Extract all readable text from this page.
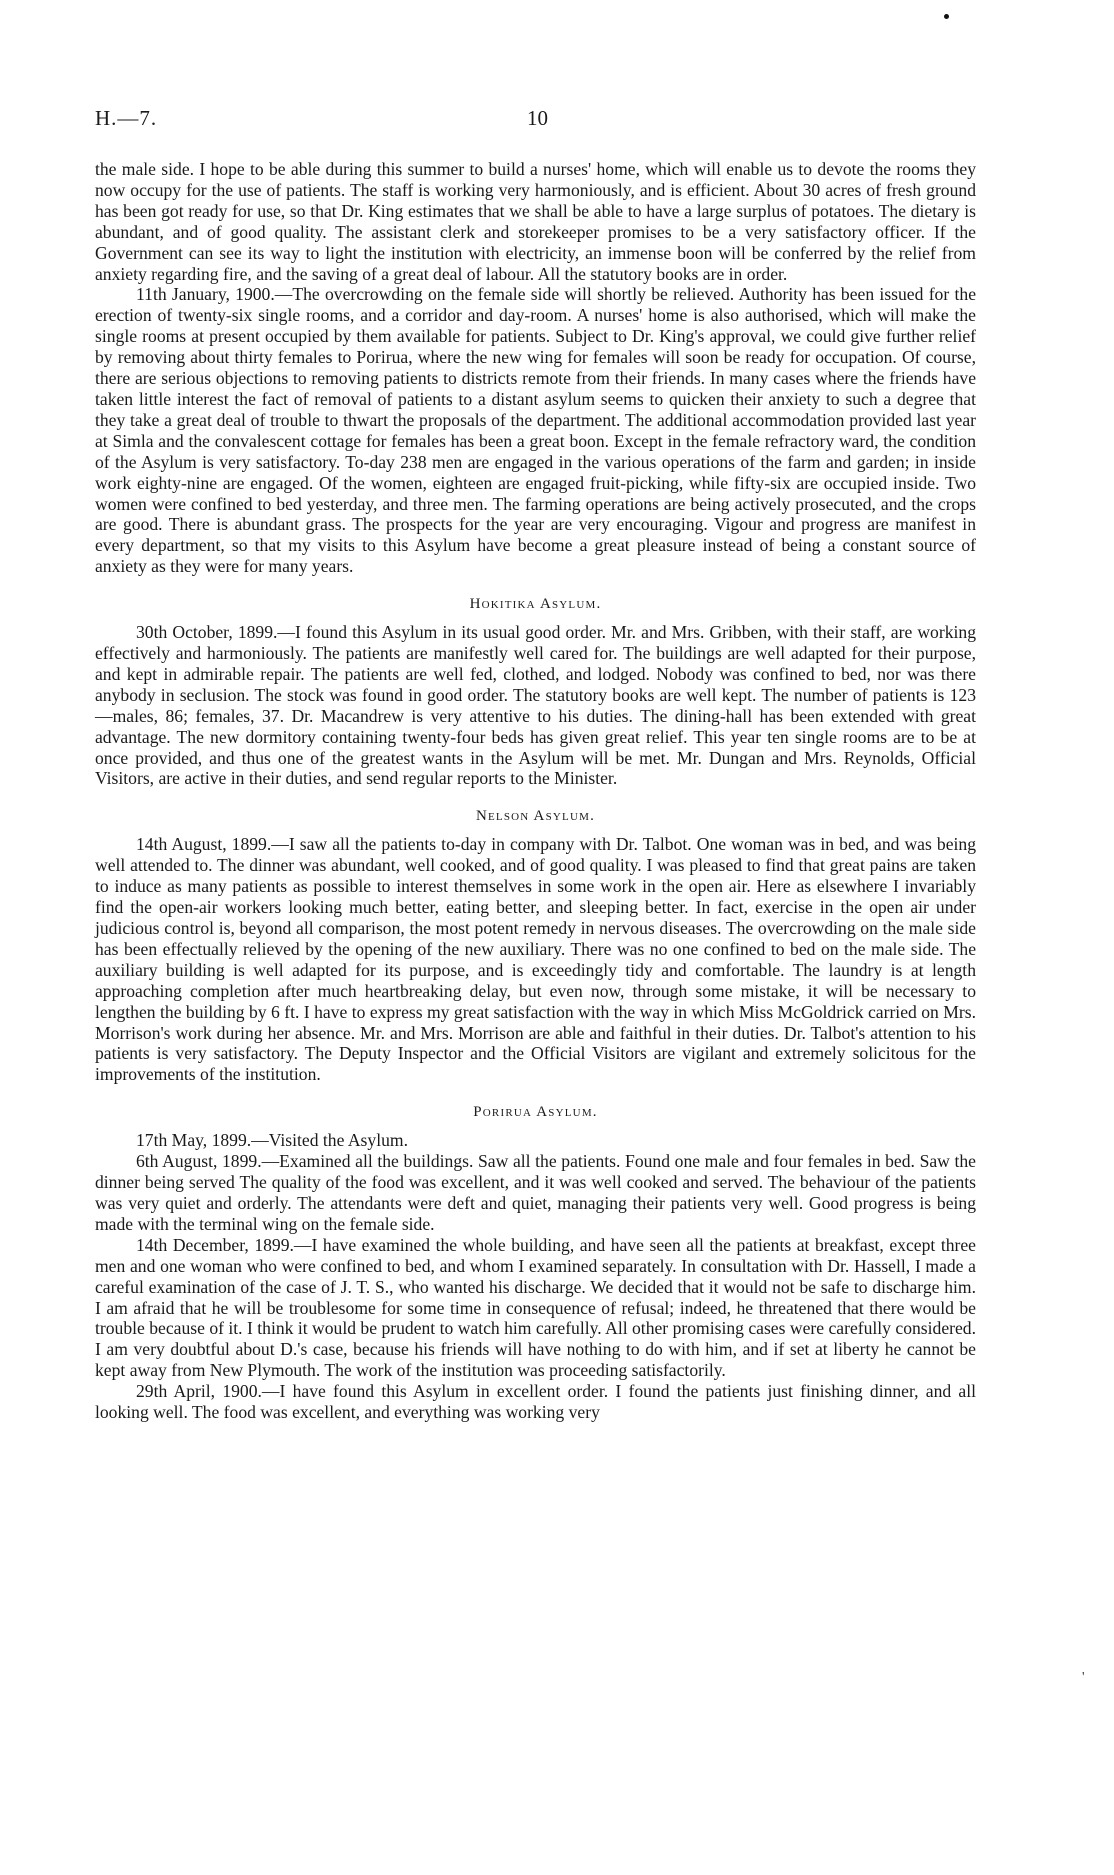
'
H.—7.	10

the male side. I hope to be able during this summer to build a nurses' home, which will enable us to devote the rooms they now occupy for the use of patients. The staff is working very harmoniously, and is efficient. About 30 acres of fresh ground has been got ready for use, so that Dr. King estimates that we shall be able to have a large surplus of potatoes. The dietary is abundant, and of good quality. The assistant clerk and storekeeper promises to be a very satisfactory officer. If the Government can see its way to light the institution with electricity, an immense boon will be conferred by the relief from anxiety regarding fire, and the saving of a great deal of labour. All the statutory books are in order.

11th January, 1900.—The overcrowding on the female side will shortly be relieved. Authority has been issued for the erection of twenty-six single rooms, and a corridor and day-room. A nurses' home is also authorised, which will make the single rooms at present occupied by them available for patients. Subject to Dr. King's approval, we could give further relief by removing about thirty females to Porirua, where the new wing for females will soon be ready for occupation. Of course, there are serious objections to removing patients to districts remote from their friends. In many cases where the friends have taken little interest the fact of removal of patients to a distant asylum seems to quicken their anxiety to such a degree that they take a great deal of trouble to thwart the proposals of the department. The additional accommodation provided last year at Simla and the convalescent cottage for females has been a great boon. Except in the female refractory ward, the condition of the Asylum is very satisfactory. To-day 238 men are engaged in the various operations of the farm and garden; in inside work eighty-nine are engaged. Of the women, eighteen are engaged fruit-picking, while fifty-six are occupied inside. Two women were confined to bed yesterday, and three men. The farming operations are being actively prosecuted, and the crops are good. There is abundant grass. The prospects for the year are very encouraging. Vigour and progress are manifest in every department, so that my visits to this Asylum have become a great pleasure instead of being a constant source of anxiety as they were for many years.

Hokitika Asylum.

30th October, 1899.—I found this Asylum in its usual good order. Mr. and Mrs. Gribben, with their staff, are working effectively and harmoniously. The patients are manifestly well cared for. The buildings are well adapted for their purpose, and kept in admirable repair. The patients are well fed, clothed, and lodged. Nobody was confined to bed, nor was there anybody in seclusion. The stock was found in good order. The statutory books are well kept. The number of patients is 123—males, 86; females, 37. Dr. Macandrew is very attentive to his duties. The dining-hall has been extended with great advantage. The new dormitory containing twenty-four beds has given great relief. This year ten single rooms are to be at once provided, and thus one of the greatest wants in the Asylum will be met. Mr. Dungan and Mrs. Reynolds, Official Visitors, are active in their duties, and send regular reports to the Minister.

Nelson Asylum.

14th August, 1899.—I saw all the patients to-day in company with Dr. Talbot. One woman was in bed, and was being well attended to. The dinner was abundant, well cooked, and of good quality. I was pleased to find that great pains are taken to induce as many patients as possible to interest themselves in some work in the open air. Here as elsewhere I invariably find the open-air workers looking much better, eating better, and sleeping better. In fact, exercise in the open air under judicious control is, beyond all comparison, the most potent remedy in nervous diseases. The overcrowding on the male side has been effectually relieved by the opening of the new auxiliary. There was no one confined to bed on the male side. The auxiliary building is well adapted for its purpose, and is exceedingly tidy and comfortable. The laundry is at length approaching completion after much heartbreaking delay, but even now, through some mistake, it will be necessary to lengthen the building by 6 ft. I have to express my great satisfaction with the way in which Miss McGoldrick carried on Mrs. Morrison's work during her absence. Mr. and Mrs. Morrison are able and faithful in their duties. Dr. Talbot's attention to his patients is very satisfactory. The Deputy Inspector and the Official Visitors are vigilant and extremely solicitous for the improvements of the institution.

Porirua Asylum.

17th May, 1899.—Visited the Asylum.

6th August, 1899.—Examined all the buildings. Saw all the patients. Found one male and four females in bed. Saw the dinner being served The quality of the food was excellent, and it was well cooked and served. The behaviour of the patients was very quiet and orderly. The attendants were deft and quiet, managing their patients very well. Good progress is being made with the terminal wing on the female side.

14th December, 1899.—I have examined the whole building, and have seen all the patients at breakfast, except three men and one woman who were confined to bed, and whom I examined separately. In consultation with Dr. Hassell, I made a careful examination of the case of J. T. S., who wanted his discharge. We decided that it would not be safe to discharge him. I am afraid that he will be troublesome for some time in consequence of refusal; indeed, he threatened that there would be trouble because of it. I think it would be prudent to watch him carefully. All other promising cases were carefully considered. I am very doubtful about D.'s case, because his friends will have nothing to do with him, and if set at liberty he cannot be kept away from New Plymouth. The work of the institution was proceeding satisfactorily.

29th April, 1900.—I have found this Asylum in excellent order. I found the patients just finishing dinner, and all looking well. The food was excellent, and everything was working very
